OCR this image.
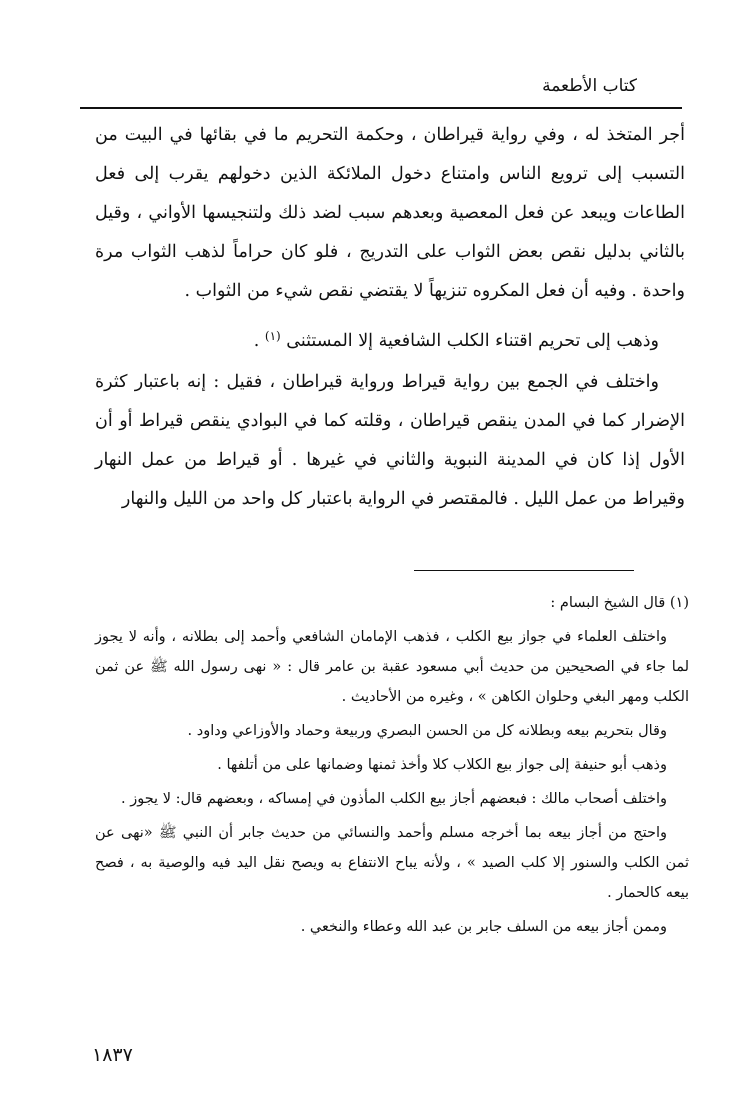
كتاب الأطعمة

أجر المتخذ له ، وفي رواية قيراطان ، وحكمة التحريم ما في بقائها في البيت من التسبب إلى ترويع الناس وامتناع دخول الملائكة الذين دخولهم يقرب إلى فعل الطاعات ويبعد عن فعل المعصية وبعدهم سبب لضد ذلك ولتنجيسها الأواني ، وقيل بالثاني بدليل نقص بعض الثواب على التدريج ، فلو كان حراماً لذهب الثواب مرة واحدة . وفيه أن فعل المكروه تنزيهاً لا يقتضي نقص شيء من الثواب .

وذهب إلى تحريم اقتناء الكلب الشافعية إلا المستثنى $^{(١)}$ .

واختلف في الجمع بين رواية قيراط ورواية قيراطان ، فقيل : إنه باعتبار كثرة الإضرار كما في المدن ينقص قيراطان ، وقلته كما في البوادي ينقص قيراط أو أن الأول إذا كان في المدينة النبوية والثاني في غيرها . أو قيراط من عمل النهار وقيراط من عمل الليل . فالمقتصر في الرواية باعتبار كل واحد من الليل والنهار

(١) قال الشيخ البسام :

واختلف العلماء في جواز بيع الكلب ، فذهب الإمامان الشافعي وأحمد إلى بطلانه ، وأنه لا يجوز لما جاء في الصحيحين من حديث أبي مسعود عقبة بن عامر قال : « نهى رسول الله ﷺ عن ثمن الكلب ومهر البغي وحلوان الكاهن » ، وغيره من الأحاديث .

وقال بتحريم بيعه وبطلانه كل من الحسن البصري وربيعة وحماد والأوزاعي وداود .

وذهب أبو حنيفة إلى جواز بيع الكلاب كلا وأخذ ثمنها وضمانها على من أتلفها .

واختلف أصحاب مالك : فبعضهم أجاز بيع الكلب المأذون في إمساكه ، وبعضهم قال: لا يجوز .

واحتج من أجاز بيعه بما أخرجه مسلم وأحمد والنسائي من حديث جابر أن النبي ﷺ «نهى عن ثمن الكلب والسنور إلا كلب الصيد » ، ولأنه يباح الانتفاع به ويصح نقل اليد فيه والوصية به ، فصح بيعه كالحمار .

وممن أجاز بيعه من السلف جابر بن عبد الله وعطاء والنخعي .

١٨٣٧
